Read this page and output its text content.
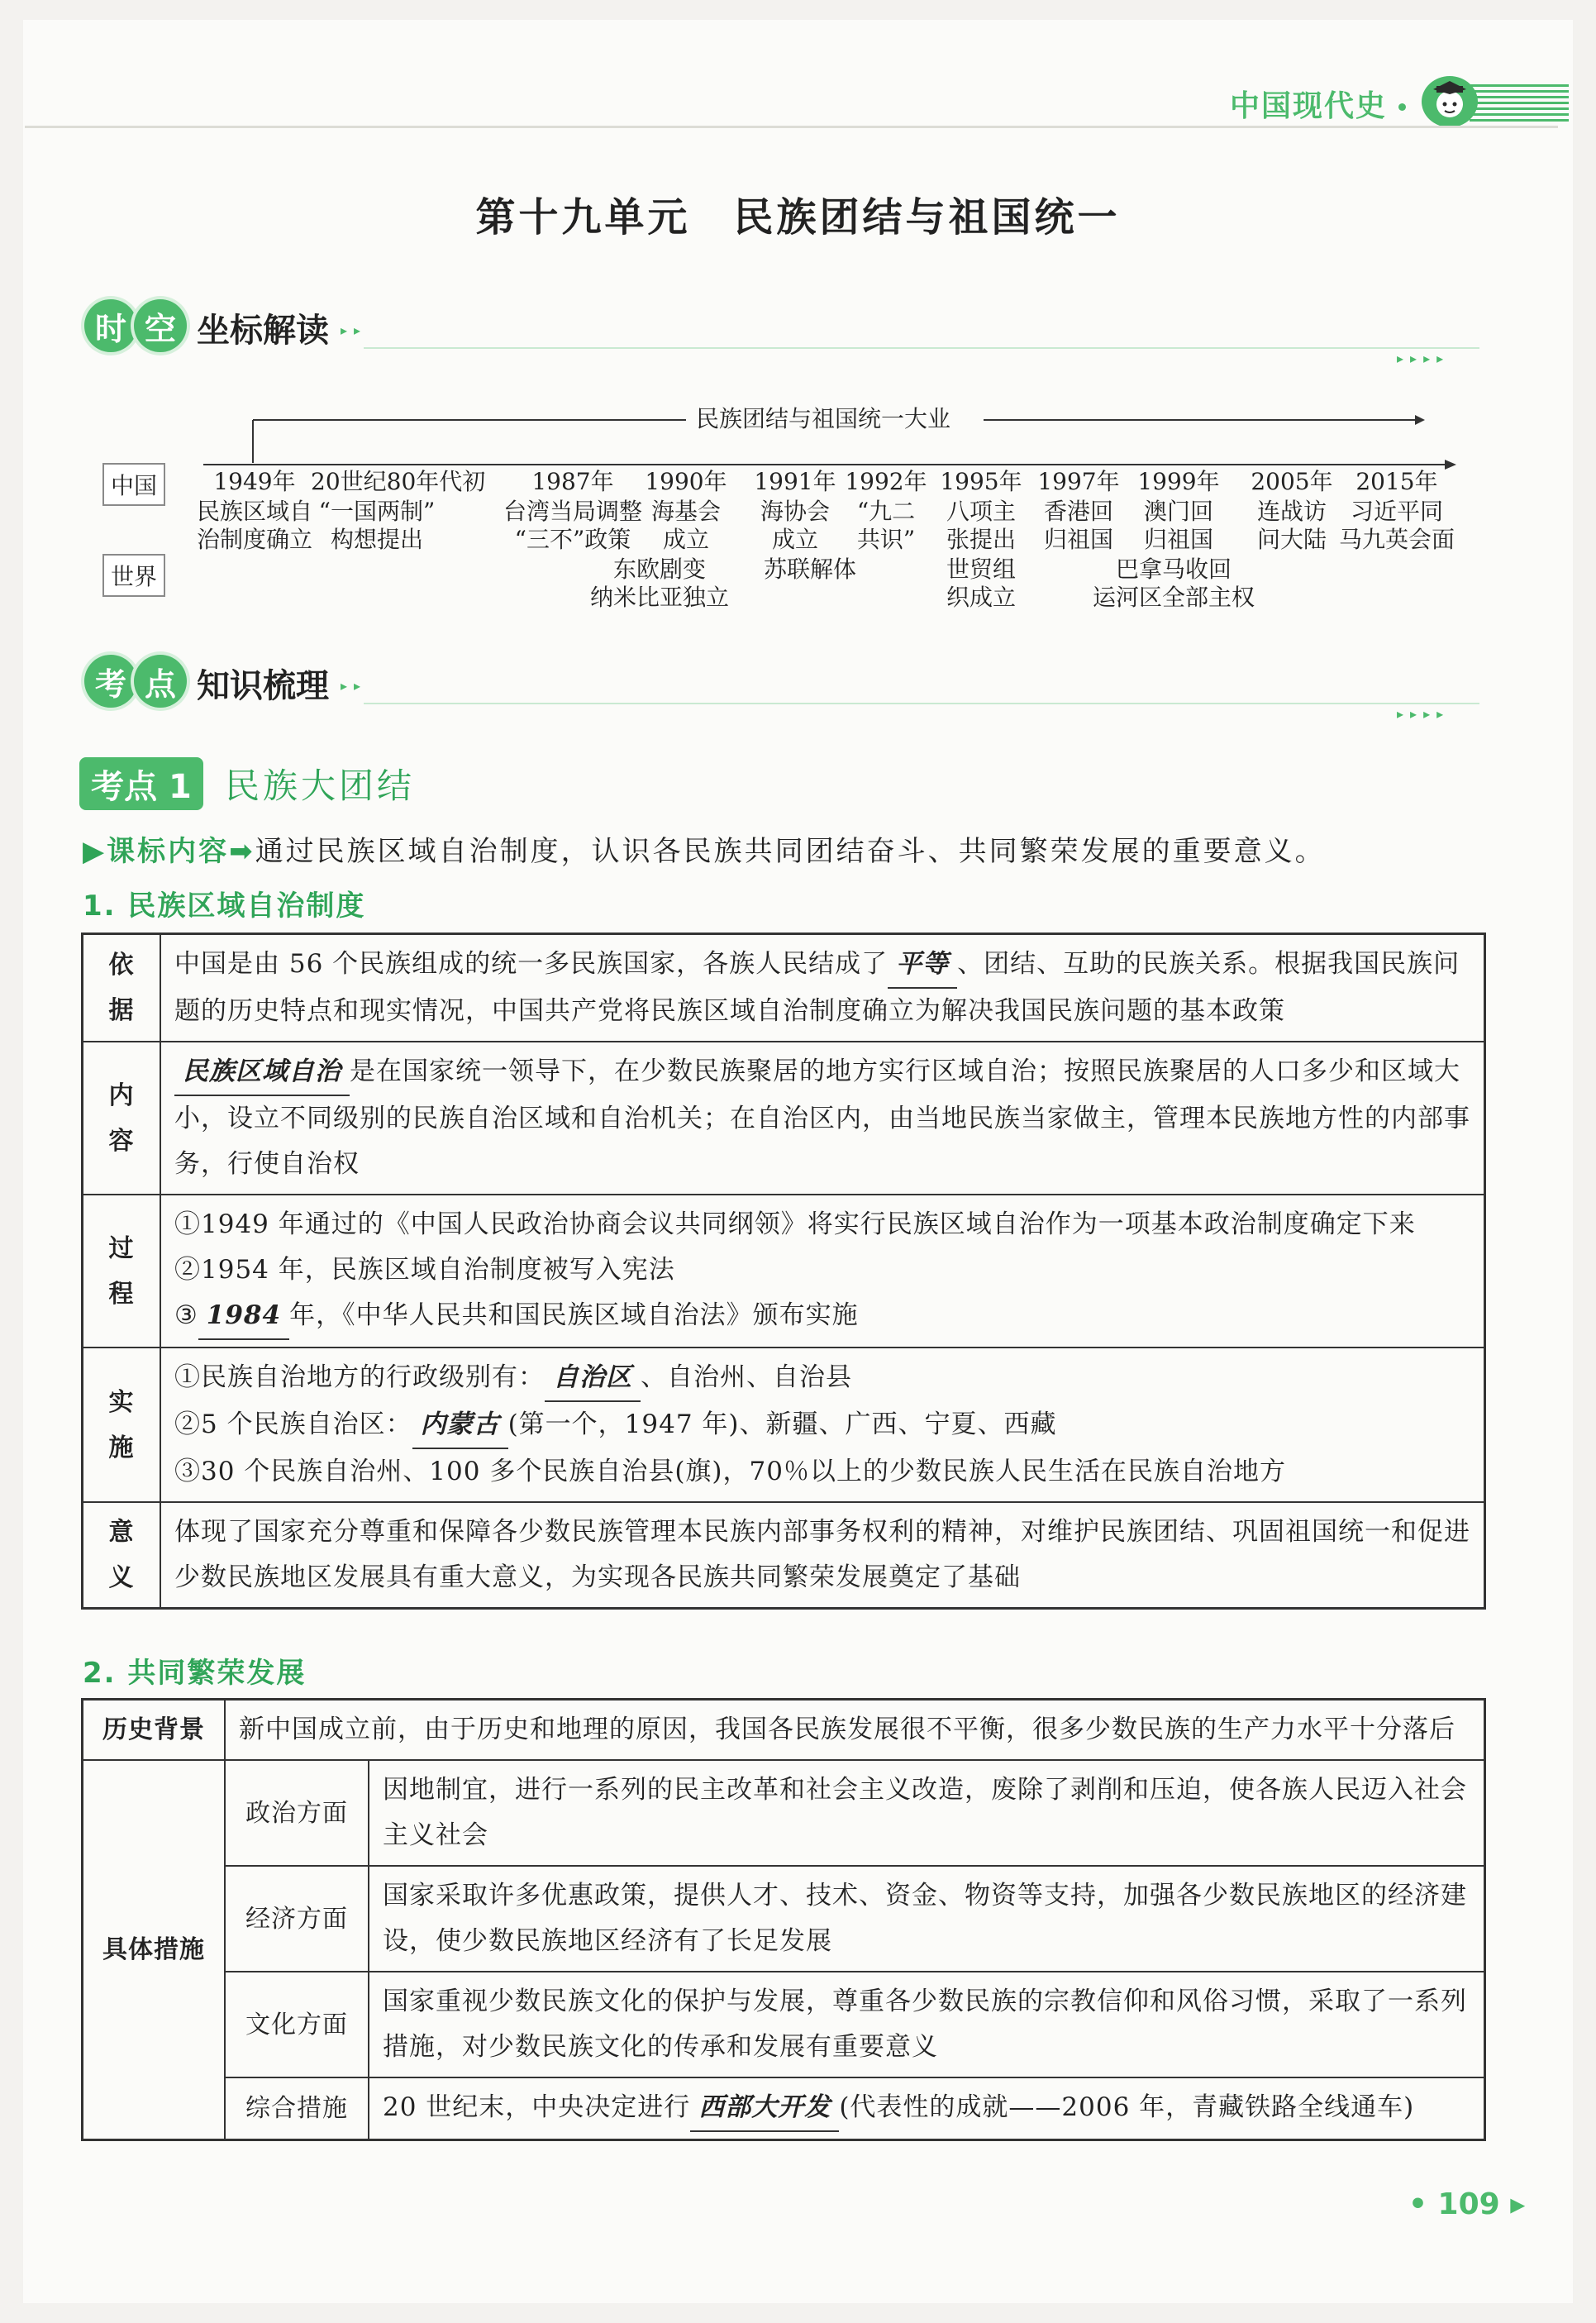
中国现代史
第十九单元　民族团结与祖国统一
时 空 坐标解读 ▸▸
▸▸▸▸
民族团结与祖国统一大业
中国
世界
1949年
民族区域自
治制度确立
20世纪80年代初
“一国两制”
构想提出
1987年
台湾当局调整
“三不”政策
1990年
海基会
成立
1991年
海协会
成立
1992年
“九二
共识”
1995年
八项主
张提出
1997年
香港回
归祖国
1999年
澳门回
归祖国
2005年
连战访
问大陆
2015年
习近平同
马九英会面
东欧剧变
纳米比亚独立
苏联解体	世贸组
织成立
巴拿马收回
运河区全部主权
考 点 知识梳理 ▸▸
▸▸▸▸
考点 1 民族大团结
▶课标内容➡通过民族区域自治制度，认识各民族共同团结奋斗、共同繁荣发展的重要意义。
1. 民族区域自治制度
依据	中国是由 56 个民族组成的统一多民族国家，各族人民结成了 平等 、团结、互助的民族关系。根据我国民族问题的历史特点和现实情况，中国共产党将民族区域自治制度确立为解决我国民族问题的基本政策
内容	民族区域自治 是在国家统一领导下，在少数民族聚居的地方实行区域自治；按照民族聚居的人口多少和区域大小，设立不同级别的民族自治区域和自治机关；在自治区内，由当地民族当家做主，管理本民族地方性的内部事务，行使自治权
过程	①1949 年通过的《中国人民政治协商会议共同纲领》将实行民族区域自治作为一项基本政治制度确定下来
②1954 年，民族区域自治制度被写入宪法
③ 1984 年，《中华人民共和国民族区域自治法》颁布实施

实施	①民族自治地方的行政级别有： 自治区 、自治州、自治县
②5 个民族自治区： 内蒙古 (第一个，1947 年)、新疆、广西、宁夏、西藏
③30 个民族自治州、100 多个民族自治县(旗)，70％以上的少数民族人民生活在民族自治地方

意义	体现了国家充分尊重和保障各少数民族管理本民族内部事务权利的精神，对维护民族团结、巩固祖国统一和促进少数民族地区发展具有重大意义，为实现各民族共同繁荣发展奠定了基础
2. 共同繁荣发展
历史背景	新中国成立前，由于历史和地理的原因，我国各民族发展很不平衡，很多少数民族的生产力水平十分落后	
具体措施	政治方面	因地制宜，进行一系列的民主改革和社会主义改造，废除了剥削和压迫，使各族人民迈入社会主义社会
	经济方面	国家采取许多优惠政策，提供人才、技术、资金、物资等支持，加强各少数民族地区的经济建设，使少数民族地区经济有了长足发展
	文化方面	国家重视少数民族文化的保护与发展，尊重各少数民族的宗教信仰和风俗习惯，采取了一系列措施，对少数民族文化的传承和发展有重要意义
	综合措施	20 世纪末，中央决定进行 西部大开发 (代表性的成就——2006 年，青藏铁路全线通车)
• 109 ▸
